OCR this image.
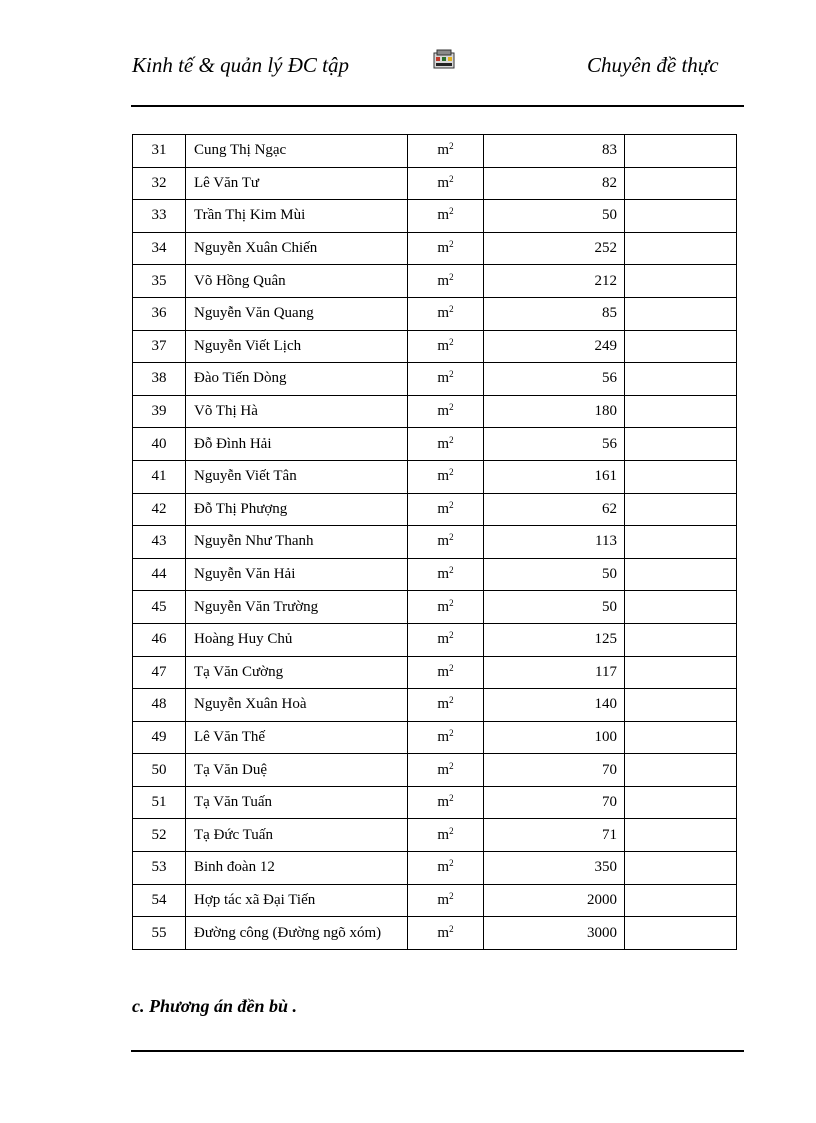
Kinh tế & quản lý ĐC tập	Chuyên đề thực
31	Cung Thị Ngạc	$m^2$	83	
32	Lê Văn Tư	$m^2$	82	
33	Trần Thị Kim Mùi	$m^2$	50	
34	Nguyễn Xuân Chiến	$m^2$	252	
35	Võ Hồng Quân	$m^2$	212	
36	Nguyễn Văn Quang	$m^2$	85	
37	Nguyễn Viết Lịch	$m^2$	249	
38	Đào Tiến Dòng	$m^2$	56	
39	Võ Thị Hà	$m^2$	180	
40	Đỗ Đình Hải	$m^2$	56	
41	Nguyễn Viết Tân	$m^2$	161	
42	Đỗ Thị Phượng	$m^2$	62	
43	Nguyễn Như Thanh	$m^2$	113	
44	Nguyễn Văn Hải	$m^2$	50	
45	Nguyễn Văn Trường	$m^2$	50	
46	Hoàng Huy Chủ	$m^2$	125	
47	Tạ Văn Cường	$m^2$	117	
48	Nguyễn Xuân Hoà	$m^2$	140	
49	Lê Văn Thế	$m^2$	100	
50	Tạ Văn Duệ	$m^2$	70	
51	Tạ Văn Tuấn	$m^2$	70	
52	Tạ Đức Tuấn	$m^2$	71	
53	Binh đoàn 12	$m^2$	350	
54	Hợp tác xã Đại Tiến	$m^2$	2000	
55	Đường công (Đường ngõ xóm)	$m^2$	3000	
c. Phương án đền bù .
